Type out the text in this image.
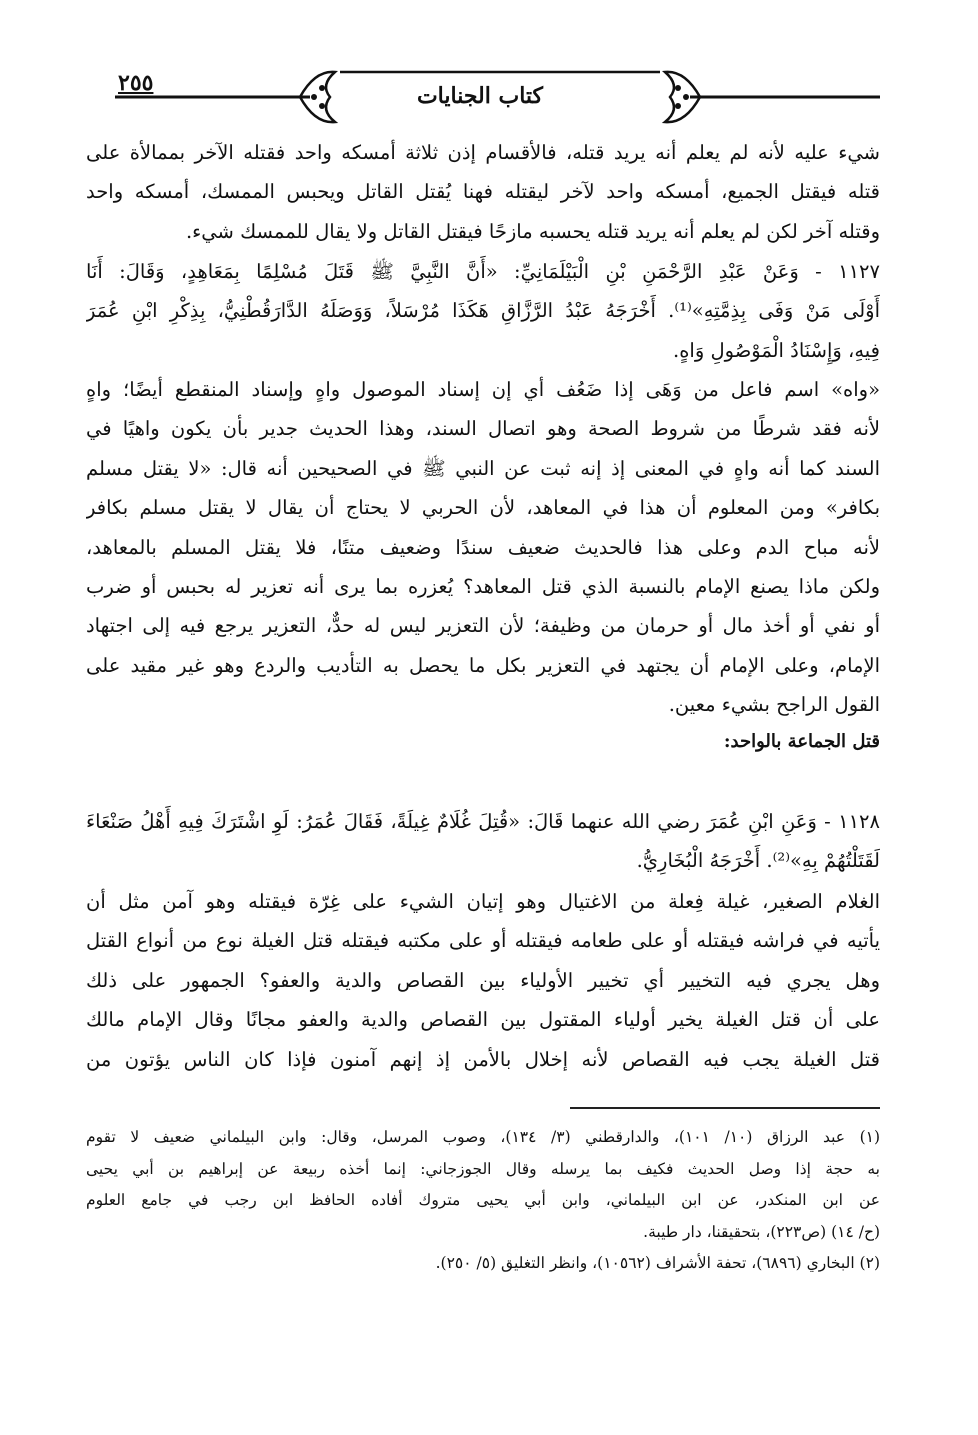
٢٥٥	كتاب الجنايات
شيء عليه لأنه لم يعلم أنه يريد قتله، فالأقسام إذن ثلاثة أمسكه واحد فقتله الآخر بممالأة على
قتله فيقتل الجميع، أمسكه واحد لآخر ليقتله فهنا يُقتل القاتل ويحبس الممسك، أمسكه واحد
وقتله آخر لكن لم يعلم أنه يريد قتله يحسبه مازحًا فيقتل القاتل ولا يقال للممسك شيء.
١١٢٧ - وَعَنْ عَبْدِ الرَّحْمَنِ بْنِ الْبَيْلَمَانِيِّ: «أَنَّ النَّبِيَّ ﷺ قَتَلَ مُسْلِمًا بِمَعَاهِدٍ، وَقَالَ: أَنَا
أَوْلَى مَنْ وَفَى بِذِمَّتِهِ»⁽¹⁾. أَخْرَجَهُ عَبْدُ الرَّزَّاقِ هَكَذَا مُرْسَلاً، وَوَصَلَهُ الدَّارَقُطْنِيُّ، بِذِكْرِ ابْنِ عُمَرَ
فِيهِ، وَإِسْنَادُ الْمَوْصُولِ وَاهٍ.
«واه» اسم فاعل من وَهَى إذا ضَعُف أي إن إسناد الموصول واهٍ وإسناد المنقطع أيضًا؛ واهٍ
لأنه فقد شرطًا من شروط الصحة وهو اتصال السند، وهذا الحديث جدير بأن يكون واهيًا في
السند كما أنه واهٍ في المعنى إذ إنه ثبت عن النبي ﷺ في الصحيحين أنه قال: «لا يقتل مسلم
بكافر» ومن المعلوم أن هذا في المعاهد، لأن الحربي لا يحتاج أن يقال لا يقتل مسلم بكافر
لأنه مباح الدم وعلى هذا فالحديث ضعيف سندًا وضعيف متنًا، فلا يقتل المسلم بالمعاهد،
ولكن ماذا يصنع الإمام بالنسبة الذي قتل المعاهد؟ يُعزره بما يرى أنه تعزير له بحبس أو ضرب
أو نفي أو أخذ مال أو حرمان من وظيفة؛ لأن التعزير ليس له حدٌّ، التعزير يرجع فيه إلى اجتهاد
الإمام، وعلى الإمام أن يجتهد في التعزير بكل ما يحصل به التأديب والردع وهو غير مقيد على
القول الراجح بشيء معين.
قتل الجماعة بالواحد:
١١٢٨ - وَعَنِ ابْنِ عُمَرَ رضي الله عنهما قَالَ: «قُتِلَ غُلَامٌ غِيلَةً، فَقَالَ عُمَرُ: لَوِ اشْتَرَكَ فِيهِ أَهْلُ صَنْعَاءَ
لَقَتَلْتُهُمْ بِهِ»⁽²⁾. أَخْرَجَهُ الْبُخَارِيُّ.
الغلام الصغير، غيلة فِعلة من الاغتيال وهو إتيان الشيء على غِرّة فيقتله وهو آمن مثل أن
يأتيه في فراشه فيقتله أو على طعامه فيقتله أو على مكتبه فيقتله قتل الغيلة نوع من أنواع القتل
وهل يجري فيه التخيير أي تخيير الأولياء بين القصاص والدية والعفو؟ الجمهور على ذلك
على أن قتل الغيلة يخير أولياء المقتول بين القصاص والدية والعفو مجانًا وقال الإمام مالك
قتل الغيلة يجب فيه القصاص لأنه إخلال بالأمن إذ إنهم آمنون فإذا كان الناس يؤتون من
(١) عبد الرزاق (١٠/ ١٠١)، والدارقطني (٣/ ١٣٤)، وصوب المرسل، وقال: وابن البيلماني ضعيف لا تقوم
به حجة إذا وصل الحديث فكيف بما يرسله وقال الجوزجاني: إنما أخذه ربيعة عن إبراهيم بن أبي يحيى
عن ابن المنكدر، عن ابن البيلماني، وابن أبي يحيى متروك أفاده الحافظ ابن رجب في جامع العلوم
(ح/ ١٤) (ص٢٢٣)، بتحقيقنا، دار طيبة.
(٢) البخاري (٦٨٩٦)، تحفة الأشراف (١٠٥٦٢)، وانظر التغليق (٥/ ٢٥٠).
